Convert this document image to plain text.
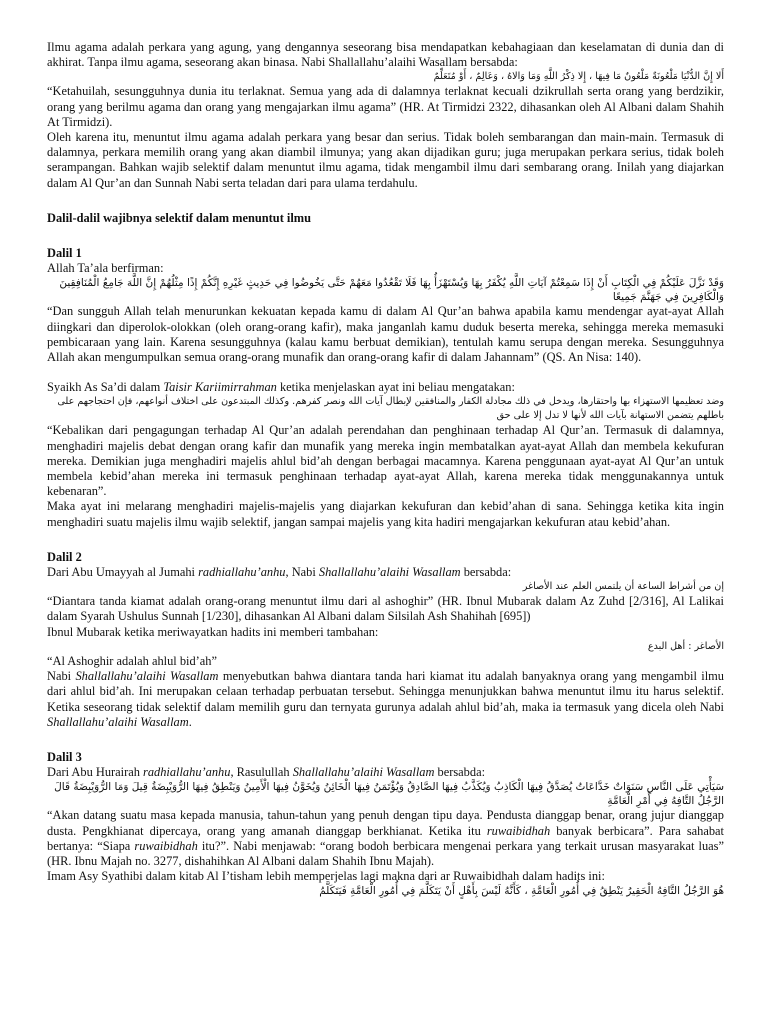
Ilmu agama adalah perkara yang agung, yang dengannya seseorang bisa mendapatkan kebahagiaan dan keselamatan di dunia dan di akhirat. Tanpa ilmu agama, seseorang akan binasa. Nabi Shallallahu’alaihi Wasallam bersabda:

أَلا إِنَّ الدُّنْيَا مَلْعُونَةٌ مَلْعُونٌ مَا فِيهَا ، إِلا ذِكْرُ اللَّهِ وَمَا وَالاهُ ، وَعَالِمٌ ، أَوْ مُتَعَلِّمٌ

“Ketahuilah, sesungguhnya dunia itu terlaknat. Semua yang ada di dalamnya terlaknat kecuali dzikrullah serta orang yang berdzikir, orang yang berilmu agama dan orang yang mengajarkan ilmu agama” (HR. At Tirmidzi 2322, dihasankan oleh Al Albani dalam Shahih At Tirmidzi).

Oleh karena itu, menuntut ilmu agama adalah perkara yang besar dan serius. Tidak boleh sembarangan dan main-main. Termasuk di dalamnya, perkara memilih orang yang akan diambil ilmunya; yang akan dijadikan guru; juga merupakan perkara serius, tidak boleh serampangan. Bahkan wajib selektif dalam menuntut ilmu agama, tidak mengambil ilmu dari sembarang orang. Inilah yang diajarkan dalam Al Qur’an dan Sunnah Nabi serta teladan dari para ulama terdahulu.

Dalil-dalil wajibnya selektif dalam menuntut ilmu

Dalil 1

Allah Ta’ala berfirman:

وَقَدْ نَزَّلَ عَلَيْكُمْ فِي الْكِتَابِ أَنْ إِذَا سَمِعْتُمْ آيَاتِ اللَّهِ يُكْفَرُ بِهَا وَيُسْتَهْزَأُ بِهَا فَلَا تَقْعُدُوا مَعَهُمْ حَتَّى يَخُوضُوا فِي حَدِيثٍ غَيْرِهِ إِنَّكُمْ إِذًا مِثْلُهُمْ إِنَّ اللَّهَ جَامِعُ الْمُنَافِقِينَ وَالْكَافِرِينَ فِي جَهَنَّمَ جَمِيعًا

“Dan sungguh Allah telah menurunkan kekuatan kepada kamu di dalam Al Qur’an bahwa apabila kamu mendengar ayat-ayat Allah diingkari dan diperolok-olokkan (oleh orang-orang kafir), maka janganlah kamu duduk beserta mereka, sehingga mereka memasuki pembicaraan yang lain. Karena sesungguhnya (kalau kamu berbuat demikian), tentulah kamu serupa dengan mereka. Sesungguhnya Allah akan mengumpulkan semua orang-orang munafik dan orang-orang kafir di dalam Jahannam” (QS. An Nisa: 140).

Syaikh As Sa’di dalam Taisir Kariimirrahman ketika menjelaskan ayat ini beliau mengatakan:

وضد تعظيمها الاستهزاء بها واحتقارها، ويدخل في ذلك مجادلة الكفار والمنافقين لإبطال آيات الله ونصر كفرهم. وكذلك المبتدعون على اختلاف أنواعهم، فإن احتجاجهم على باطلهم يتضمن الاستهانة بآيات الله لأنها لا تدل إلا على حق

“Kebalikan dari pengagungan terhadap Al Qur’an adalah perendahan dan penghinaan terhadap Al Qur’an. Termasuk di dalamnya, menghadiri majelis debat dengan orang kafir dan munafik yang mereka ingin membatalkan ayat-ayat Allah dan membela kekufuran mereka. Demikian juga menghadiri majelis ahlul bid’ah dengan berbagai macamnya. Karena penggunaan ayat-ayat Al Qur’an untuk membela kebid’ahan mereka ini termasuk penghinaan terhadap ayat-ayat Allah, karena mereka tidak menggunakannya untuk kebenaran”.

Maka ayat ini melarang menghadiri majelis-majelis yang diajarkan kekufuran dan kebid’ahan di sana. Sehingga ketika kita ingin menghadiri suatu majelis ilmu wajib selektif, jangan sampai majelis yang kita hadiri mengajarkan kekufuran atau kebid’ahan.

Dalil 2

Dari Abu Umayyah al Jumahi radhiallahu’anhu, Nabi Shallallahu’alaihi Wasallam bersabda:

إن من أشراط الساعة أن يلتمس العلم عند الأصاغر

“Diantara tanda kiamat adalah orang-orang menuntut ilmu dari al ashoghir” (HR. Ibnul Mubarak dalam Az Zuhd [2/316], Al Lalikai dalam Syarah Ushulus Sunnah [1/230], dihasankan Al Albani dalam Silsilah Ash Shahihah [695])

Ibnul Mubarak ketika meriwayatkan hadits ini memberi tambahan:

الأصاغر : أهل البدع

“Al Ashoghir adalah ahlul bid’ah”

Nabi Shallallahu’alaihi Wasallam menyebutkan bahwa diantara tanda hari kiamat itu adalah banyaknya orang yang mengambil ilmu dari ahlul bid’ah. Ini merupakan celaan terhadap perbuatan tersebut. Sehingga menunjukkan bahwa menuntut ilmu itu harus selektif. Ketika seseorang tidak selektif dalam memilih guru dan ternyata gurunya adalah ahlul bid’ah, maka ia termasuk yang dicela oleh Nabi Shallallahu’alaihi Wasallam.

Dalil 3

Dari Abu Hurairah radhiallahu’anhu, Rasulullah Shallallahu’alaihi Wasallam bersabda:

سَيَأْتِي عَلَى النَّاسِ سَنَوَاتٌ خَدَّاعَاتُ يُصَدَّقُ فِيهَا الْكَاذِبُ وَيُكَذَّبُ فِيهَا الصَّادِقُ وَيُؤْتَمَنُ فِيهَا الْخَائِنُ وَيُخَوَّنُ فِيهَا الْأَمِينُ وَيَنْطِقُ فِيهَا الرُّوَيْبِضَةُ قِيلَ وَمَا الرُّوَيْبِضَةُ قَالَ الرَّجُلُ التَّافِهُ فِي أَمْرِ الْعَامَّةِ

“Akan datang suatu masa kepada manusia, tahun-tahun yang penuh dengan tipu daya. Pendusta dianggap benar, orang jujur dianggap dusta. Pengkhianat dipercaya, orang yang amanah dianggap berkhianat. Ketika itu ruwaibidhah banyak berbicara”. Para sahabat bertanya: “Siapa ruwaibidhah itu?”. Nabi menjawab: “orang bodoh berbicara mengenai perkara yang terkait urusan masyarakat luas” (HR. Ibnu Majah no. 3277, dishahihkan Al Albani dalam Shahih Ibnu Majah).

Imam Asy Syathibi dalam kitab Al I’tisham lebih memperjelas lagi makna dari ar Ruwaibidhah dalam hadits ini:

هُوَ الرَّجُلُ التَّافِهُ الْحَقِيرُ يَنْطِقُ فِي أُمُورِ الْعَامَّةِ ، كَأَنَّهُ لَيْسَ بِأَهْلٍ أَنْ يَتَكَلَّمَ فِي أُمُورِ الْعَامَّةِ فَيَتَكَلَّمُ
